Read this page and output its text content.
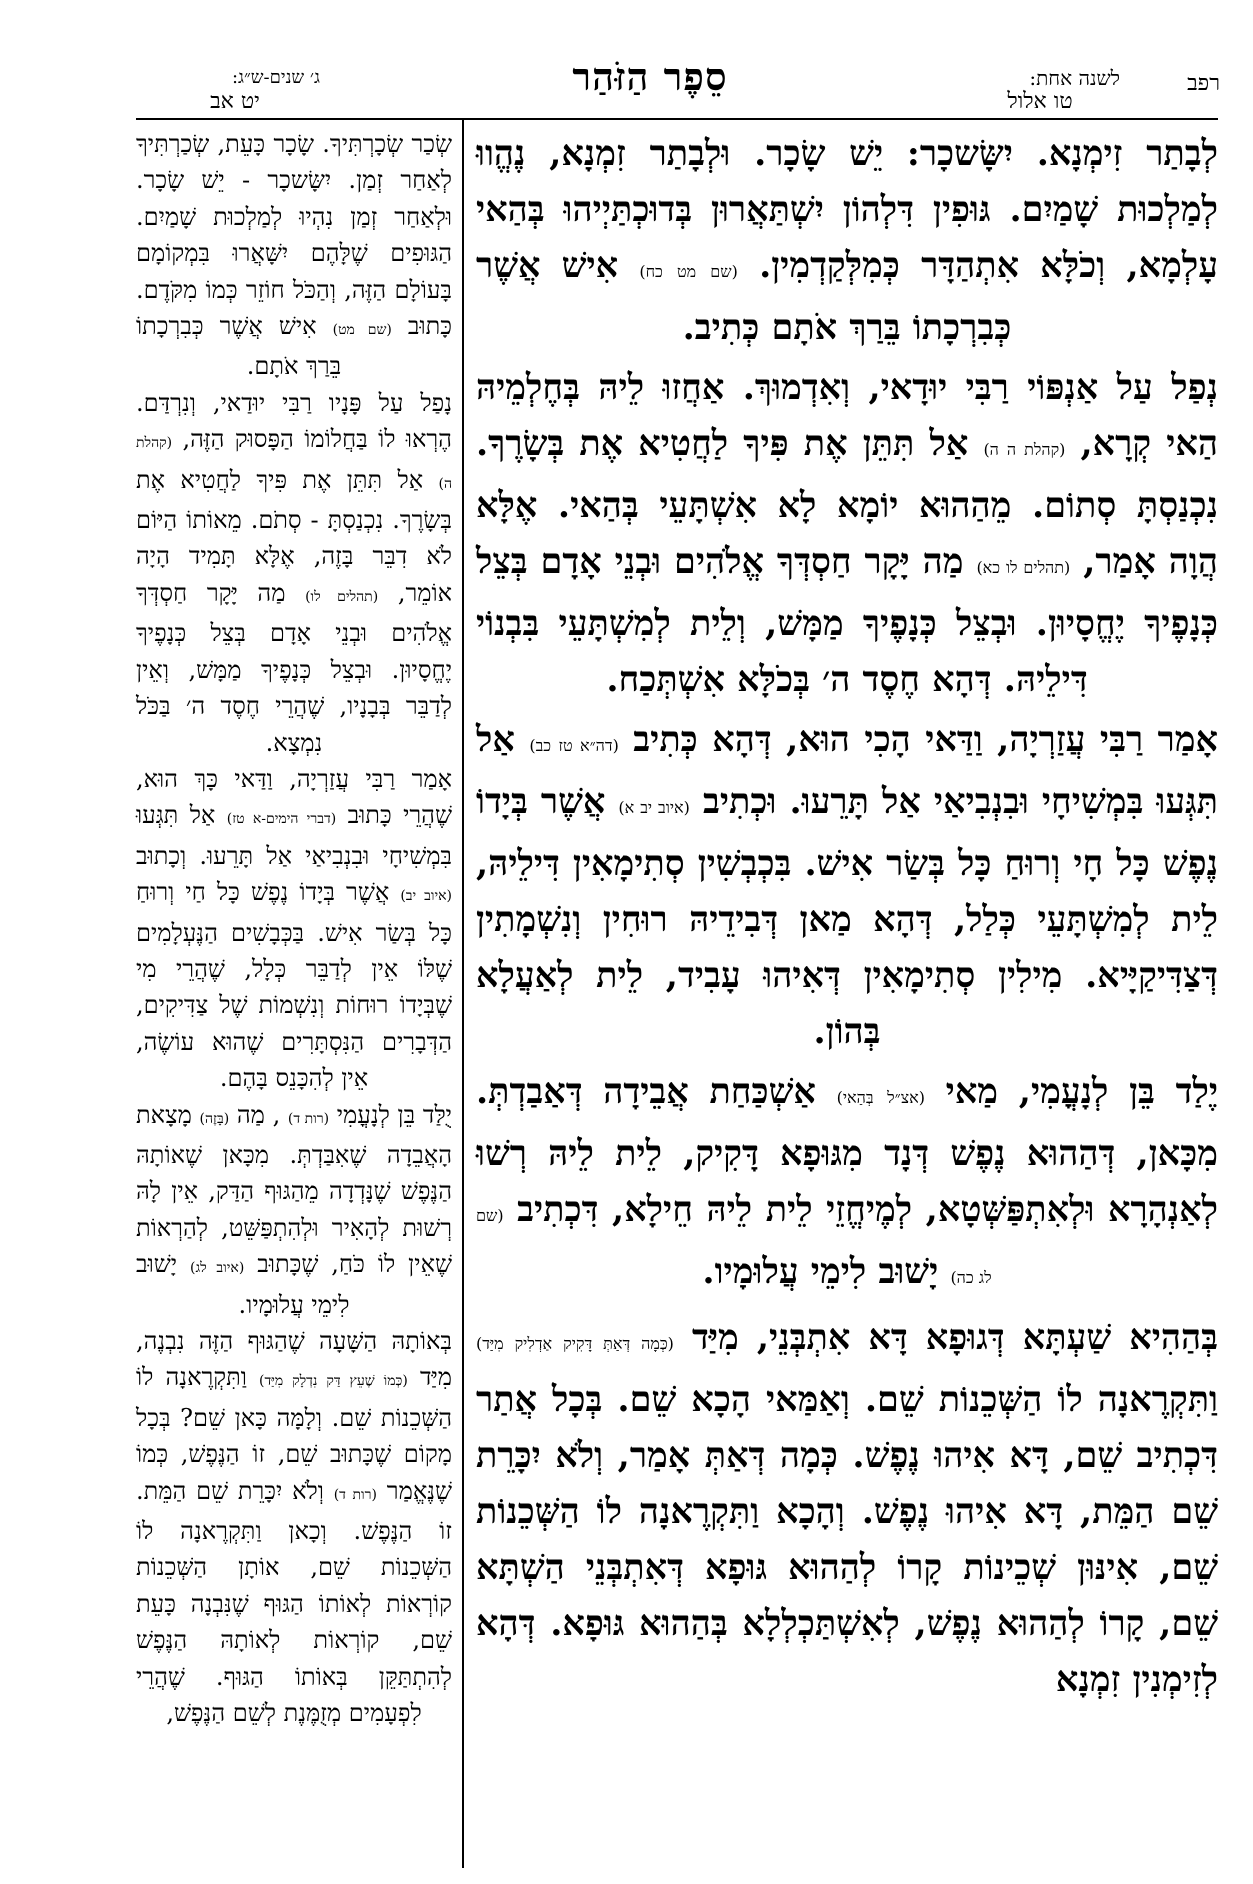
רפב
לשנה אחת:
טו אלול
סֵפֶר הַזֹּהַר
ג׳ שנים-ש״ג:
יט אב

לְבָתַר זִימְנָא. יִשָּׂשכָר: יֵשׁ שָׂכָר. וּלְבָתַר זִמְנָא, נֶהֱווּ לְמַלְכוּת שָׁמַיִם. גּוּפִין דִּלְהוֹן יִשְׁתַּאֲרוּן בְּדוּכְתַּיְיהוּ בְּהַאי עָלְמָא, וְכֹלָּא אִתְהַדָּר כְּמִלְּקַדְמִין. (שם מט כח) אִישׁ אֲשֶׁר כְּבִרְכָתוֹ בֵּרַךְ אֹתָם כְּתִיב.

נְפַל עַל אַנְפּוֹי רַבִּי יוּדָאי, וְאִדְמוּךְ. אַחֲזוּ לֵיהּ בְּחֶלְמֵיהּ הַאי קְרָא, (קהלת ה ה) אַל תִּתֵּן אֶת פִּיךָ לַחֲטִיא אֶת בְּשָׂרֶךָ. נִכְנַסְתָּ סְתוֹם. מֵהַהוּא יוֹמָא לָא אִשְׁתָּעֵי בְּהַאי. אֶלָּא הֲוָה אָמַר, (תהלים לו כא) מַה יָּקָר חַסְדְּךָ אֱלֹהִים וּבְנֵי אָדָם בְּצֵל כְּנָפֶיךָ יֶחֱסָיוּן. וּבְצֵל כְּנָפֶיךָ מַמָּשׁ, וְלֵית לְמִשְׁתָּעֵי בִּבְנוֹי דִּילֵיהּ. דְּהָא חֶסֶד ה׳ בְּכֹלָּא אִשְׁתְּכַח.

אָמַר רַבִּי עֲזַרְיָה, וַדַּאי הָכִי הוּא, דְּהָא כְּתִיב (דה״א טז כב) אַל תִּגְּעוּ בִּמְשִׁיחָי וּבִנְבִיאַי אַל תָּרֵעוּ. וּכְתִיב (איוב יב א) אֲשֶׁר בְּיָדוֹ נֶפֶשׁ כָּל חָי וְרוּחַ כָּל בְּשַׂר אִישׁ. בִּכְבְשִׁין סְתִימָאִין דִּילֵיהּ, לֵית לְמִשְׁתָּעֵי כְּלַל, דְּהָא מַאן דְּבִידֵיהּ רוּחִין וְנִשְׁמָתִין דְּצַדִּיקַיָּיא. מִילִין סְתִימָאִין דְּאִיהוּ עָבִיד, לֵית לְאַעֲלָא בְּהוֹן.

יֶלַד בֵּן לְנָעֳמִי, מַאי (אצ״ל בְּהַאי) אַשְׁכַּחַת אֲבֵידָה דְּאַבַדְתְּ. מִכָּאן, דְּהַהוּא נֶפֶשׁ דְּנָד מִגּוּפָא דָּקִיק, לֵית לֵיהּ רְשׁוּ לְאַנְהָרָא וּלְאִתְפַּשְּׁטָא, לְמֶיחֱזֵי לֵית לֵיהּ חֵילָא, דִּכְתִיב (שם לג כה) יָשׁוּב לִימֵי עֲלוּמָיו.

בְּהַהִיא שַׁעְתָּא דְּגוּפָא דָּא אִתְבְּנֵי, מִיַּד (כְּמָה דְּאַתְּ דָּקִיק אַדְלִיק מִיַּד) וַתִּקְרֶאנָה לוֹ הַשְּׁכֵנוֹת שֵׁם. וְאַמַּאי הָכָא שֵׁם. בְּכָל אֲתַר דִּכְתִיב שֵׁם, דָּא אִיהוּ נֶפֶשׁ. כְּמָה דְּאַתְּ אָמַר, וְלֹא יִכָּרֵת שֵׁם הַמֵּת, דָּא אִיהוּ נֶפֶשׁ. וְהָכָא וַתִּקְרֶאנָה לוֹ הַשְּׁכֵנוֹת שֵׁם, אִינּוּן שְׁכֵינוֹת קָרוֹ לְהַהוּא גּוּפָא דְּאִתְבְּנֵי הַשְׁתָּא שֵׁם, קָרוֹ לְהַהוּא נֶפֶשׁ, לְאִשְׁתַּכְלְלָא בְּהַהוּא גּוּפָא. דְּהָא לְזִימְנִין זִמְנָא

שְׂכַר שְׂכָרְתִּיךָ. שָׂכָר כָּעֵת, שְׂכַרְתִּיךָ לְאַחַר זְמַן. יִשָּׂשכָר - יֵשׁ שָׂכָר. וּלְאַחַר זְמַן נִהְיוּ לְמַלְכוּת שָׁמַיִם. הַגּוּפִים שֶׁלָּהֶם יִשָּׁאֲרוּ בִּמְקוֹמָם בָּעוֹלָם הַזֶּה, וְהַכֹּל חוֹזֵר כְּמוֹ מִקֹּדֶם. כָּתוּב (שם מט) אִישׁ אֲשֶׁר כְּבִרְכָתוֹ בֵּרַךְ אֹתָם.

נָפַל עַל פָּנָיו רַבִּי יוּדַאי, וְנִרְדַּם. הֶרְאוּ לוֹ בַּחֲלוֹמוֹ הַפָּסוּק הַזֶּה, (קהלת ה) אַל תִּתֵּן אֶת פִּיךָ לַחֲטִיא אֶת בְּשָׂרֶךָ. נִכְנַסְתָּ - סְתֹם. מֵאוֹתוֹ הַיּוֹם לֹא דִבֵּר בָּזֶה, אֶלָּא תָּמִיד הָיָה אוֹמֵר, (תהלים לו) מַה יָּקָר חַסְדְּךָ אֱלֹהִים וּבְנֵי אָדָם בְּצֵל כְּנָפֶיךָ יֶחֱסָיוּן. וּבְצֵל כְּנָפֶיךָ מַמָּשׁ, וְאֵין לְדַבֵּר בְּבָנָיו, שֶׁהֲרֵי חֶסֶד ה׳ בַּכֹּל נִמְצָא.

אָמַר רַבִּי עֲזַרְיָה, וַדַּאי כָּךְ הוּא, שֶׁהֲרֵי כָּתוּב (דברי הימים-א טז) אַל תִּגְּעוּ בִּמְשִׁיחָי וּבִנְבִיאַי אַל תָּרֵעוּ. וְכָתוּב (איוב יב) אֲשֶׁר בְּיָדוֹ נֶפֶשׁ כָּל חַי וְרוּחַ כָּל בְּשַׂר אִישׁ. בַּכְּבָשִׁים הַנֶּעְלָמִים שֶׁלּוֹ אֵין לְדַבֵּר כְּלָל, שֶׁהֲרֵי מִי שֶׁבְּיָדוֹ רוּחוֹת וְנִשְׁמוֹת שֶׁל צַדִּיקִים, הַדְּבָרִים הַנִּסְתָּרִים שֶׁהוּא עוֹשֶׂה, אֵין לְהִכָּנֵס בָּהֶם.

יֻלַּד בֵּן לְנָעֳמִי (רות ד) , מַה (בָּזֶה) מָצָאת הָאֲבֵדָה שֶׁאִבַּדְתְּ. מִכָּאן שֶׁאוֹתָהּ הַנֶּפֶשׁ שֶׁנָּדְדָה מֵהַגּוּף הַדַּק, אֵין לָהּ רְשׁוּת לְהָאִיר וּלְהִתְפַּשֵּׁט, לְהַרְאוֹת שֶׁאֵין לוֹ כֹּחַ, שֶׁכָּתוּב (איוב לג) יָשׁוּב לִימֵי עֲלוּמָיו.

בְּאוֹתָהּ הַשָּׁעָה שֶׁהַגּוּף הַזֶּה נִבְנֶה, מִיַּד (כְּמוֹ שֶׁעֵץ דַּק נִדְלָק מִיַּד) וַתִּקְרֶאנָה לוֹ הַשְּׁכֵנוֹת שֵׁם. וְלָמָּה כָּאן שֵׁם? בְּכָל מָקוֹם שֶׁכָּתוּב שֵׁם, זוֹ הַנֶּפֶשׁ, כְּמוֹ שֶׁנֶּאֱמַר (רות ד) וְלֹא יִכָּרֵת שֵׁם הַמֵּת. זוֹ הַנֶּפֶשׁ. וְכָאן וַתִּקְרֶאנָה לוֹ הַשְּׁכֵנוֹת שֵׁם, אוֹתָן הַשְּׁכֵנוֹת קוֹרְאוֹת לְאוֹתוֹ הַגּוּף שֶׁנִּבְנָה כָּעֵת שֵׁם, קוֹרְאוֹת לְאוֹתָהּ הַנֶּפֶשׁ לְהִתְתַּקֵּן בְּאוֹתוֹ הַגּוּף. שֶׁהֲרֵי לִפְעָמִים מְזֻמֶּנֶת לְשֵׁם הַנֶּפֶשׁ,
